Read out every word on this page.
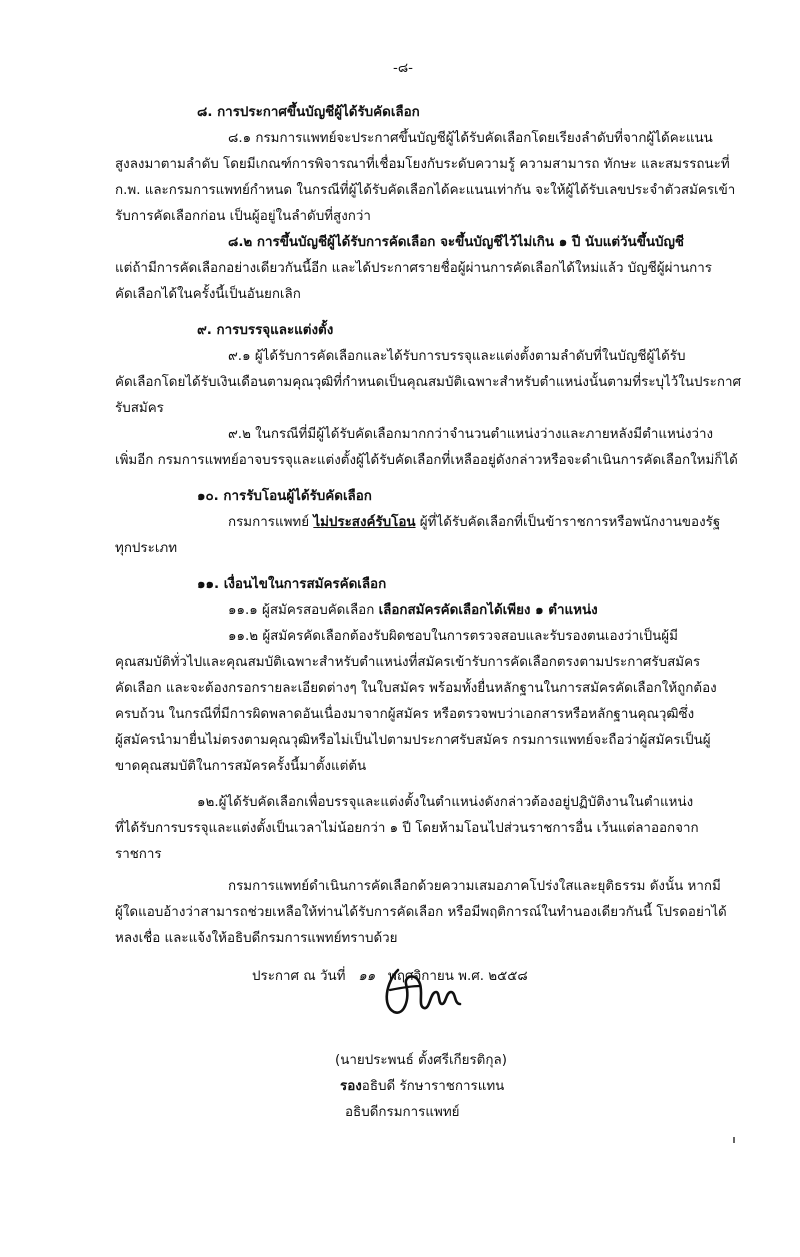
-๘-
๘. การประกาศขึ้นบัญชีผู้ได้รับคัดเลือก
๘.๑ กรมการแพทย์จะประกาศขึ้นบัญชีผู้ได้รับคัดเลือกโดยเรียงลำดับที่จากผู้ได้คะแนน
สูงลงมาตามลำดับ โดยมีเกณฑ์การพิจารณาที่เชื่อมโยงกับระดับความรู้ ความสามารถ ทักษะ และสมรรถนะที่
ก.พ. และกรมการแพทย์กำหนด ในกรณีที่ผู้ได้รับคัดเลือกได้คะแนนเท่ากัน จะให้ผู้ได้รับเลขประจำตัวสมัครเข้า
รับการคัดเลือกก่อน เป็นผู้อยู่ในลำดับที่สูงกว่า
๘.๒ การขึ้นบัญชีผู้ได้รับการคัดเลือก จะขึ้นบัญชีไว้ไม่เกิน ๑ ปี นับแต่วันขึ้นบัญชี
แต่ถ้ามีการคัดเลือกอย่างเดียวกันนี้อีก และได้ประกาศรายชื่อผู้ผ่านการคัดเลือกได้ใหม่แล้ว บัญชีผู้ผ่านการ
คัดเลือกได้ในครั้งนี้เป็นอันยกเลิก
๙. การบรรจุและแต่งตั้ง
๙.๑ ผู้ได้รับการคัดเลือกและได้รับการบรรจุและแต่งตั้งตามลำดับที่ในบัญชีผู้ได้รับ
คัดเลือกโดยได้รับเงินเดือนตามคุณวุฒิที่กำหนดเป็นคุณสมบัติเฉพาะสำหรับตำแหน่งนั้นตามที่ระบุไว้ในประกาศ
รับสมัคร
๙.๒ ในกรณีที่มีผู้ได้รับคัดเลือกมากกว่าจำนวนตำแหน่งว่างและภายหลังมีตำแหน่งว่าง
เพิ่มอีก กรมการแพทย์อาจบรรจุและแต่งตั้งผู้ได้รับคัดเลือกที่เหลืออยู่ดังกล่าวหรือจะดำเนินการคัดเลือกใหม่ก็ได้
๑๐. การรับโอนผู้ได้รับคัดเลือก
กรมการแพทย์ ไม่ประสงค์รับโอน ผู้ที่ได้รับคัดเลือกที่เป็นข้าราชการหรือพนักงานของรัฐ
ทุกประเภท
๑๑. เงื่อนไขในการสมัครคัดเลือก
๑๑.๑ ผู้สมัครสอบคัดเลือก เลือกสมัครคัดเลือกได้เพียง ๑ ตำแหน่ง
๑๑.๒ ผู้สมัครคัดเลือกต้องรับผิดชอบในการตรวจสอบและรับรองตนเองว่าเป็นผู้มี
คุณสมบัติทั่วไปและคุณสมบัติเฉพาะสำหรับตำแหน่งที่สมัครเข้ารับการคัดเลือกตรงตามประกาศรับสมัคร
คัดเลือก และจะต้องกรอกรายละเอียดต่างๆ ในใบสมัคร พร้อมทั้งยื่นหลักฐานในการสมัครคัดเลือกให้ถูกต้อง
ครบถ้วน ในกรณีที่มีการผิดพลาดอันเนื่องมาจากผู้สมัคร หรือตรวจพบว่าเอกสารหรือหลักฐานคุณวุฒิซึ่ง
ผู้สมัครนำมายื่นไม่ตรงตามคุณวุฒิหรือไม่เป็นไปตามประกาศรับสมัคร กรมการแพทย์จะถือว่าผู้สมัครเป็นผู้
ขาดคุณสมบัติในการสมัครครั้งนี้มาตั้งแต่ต้น
๑๒.ผู้ได้รับคัดเลือกเพื่อบรรจุและแต่งตั้งในตำแหน่งดังกล่าวต้องอยู่ปฏิบัติงานในตำแหน่ง
ที่ได้รับการบรรจุและแต่งตั้งเป็นเวลาไม่น้อยกว่า ๑ ปี โดยห้ามโอนไปส่วนราชการอื่น เว้นแต่ลาออกจาก
ราชการ
กรมการแพทย์ดำเนินการคัดเลือกด้วยความเสมอภาคโปร่งใสและยุติธรรม ดังนั้น หากมี
ผู้ใดแอบอ้างว่าสามารถช่วยเหลือให้ท่านได้รับการคัดเลือก หรือมีพฤติการณ์ในทำนองเดียวกันนี้ โปรดอย่าได้
หลงเชื่อ และแจ้งให้อธิบดีกรมการแพทย์ทราบด้วย
ประกาศ ณ วันที่ ๑๑ พฤศจิกายน พ.ศ. ๒๕๕๘
(นายประพนธ์ ตั้งศรีเกียรติกุล)
รองอธิบดี รักษาราชการแทน
อธิบดีกรมการแพทย์
